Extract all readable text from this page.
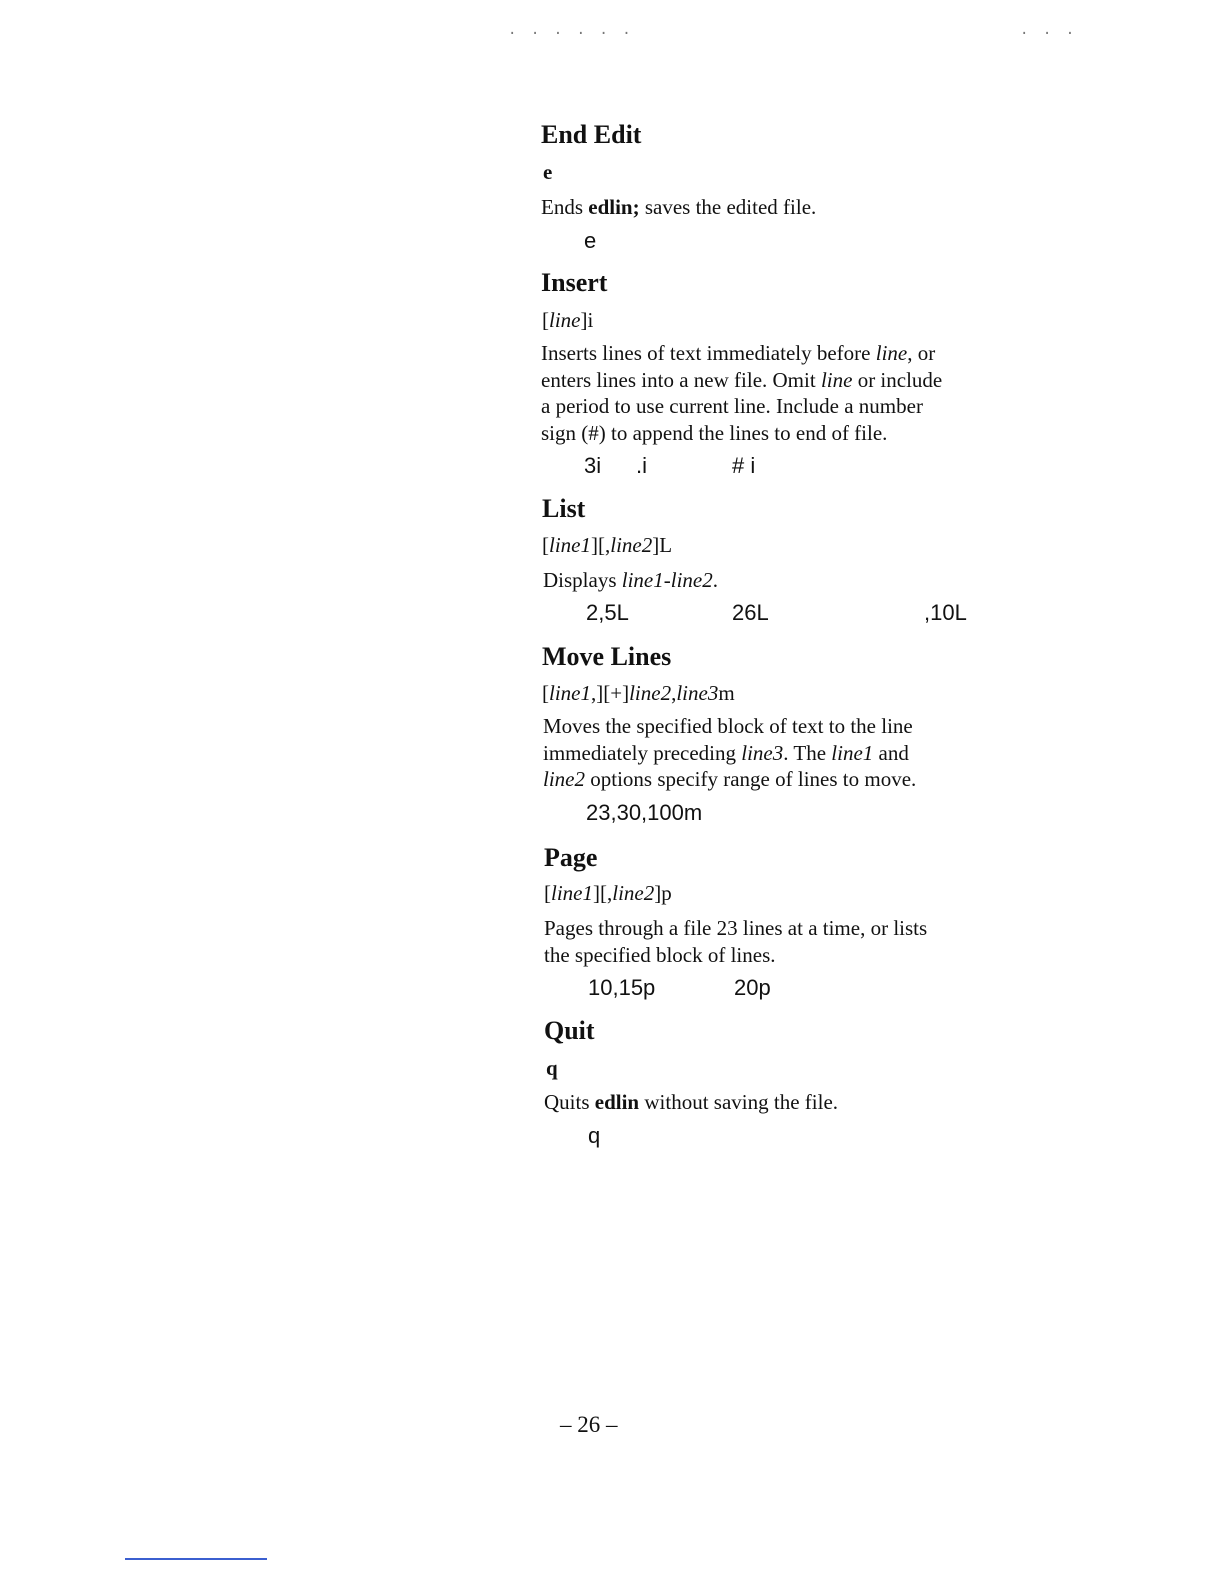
. . . . . .	. . .
End Edit
e
Ends edlin; saves the edited file.
e
Insert
[line]i
Inserts lines of text immediately before line, or
enters lines into a new file. Omit line or include
a period to use current line. Include a number
sign (#) to append the lines to end of file.
3i .i	# i
List
[line1][,line2]L
Displays line1-line2.
2,5L	26L	,10L
Move Lines
[line1,][+]line2,line3m
Moves the specified block of text to the line
immediately preceding line3. The line1 and
line2 options specify range of lines to move.
23,30,100m
Page
[line1][,line2]p
Pages through a file 23 lines at a time, or lists
the specified block of lines.
10,15p	20p
Quit
q
Quits edlin without saving the file.
q
– 26 –
